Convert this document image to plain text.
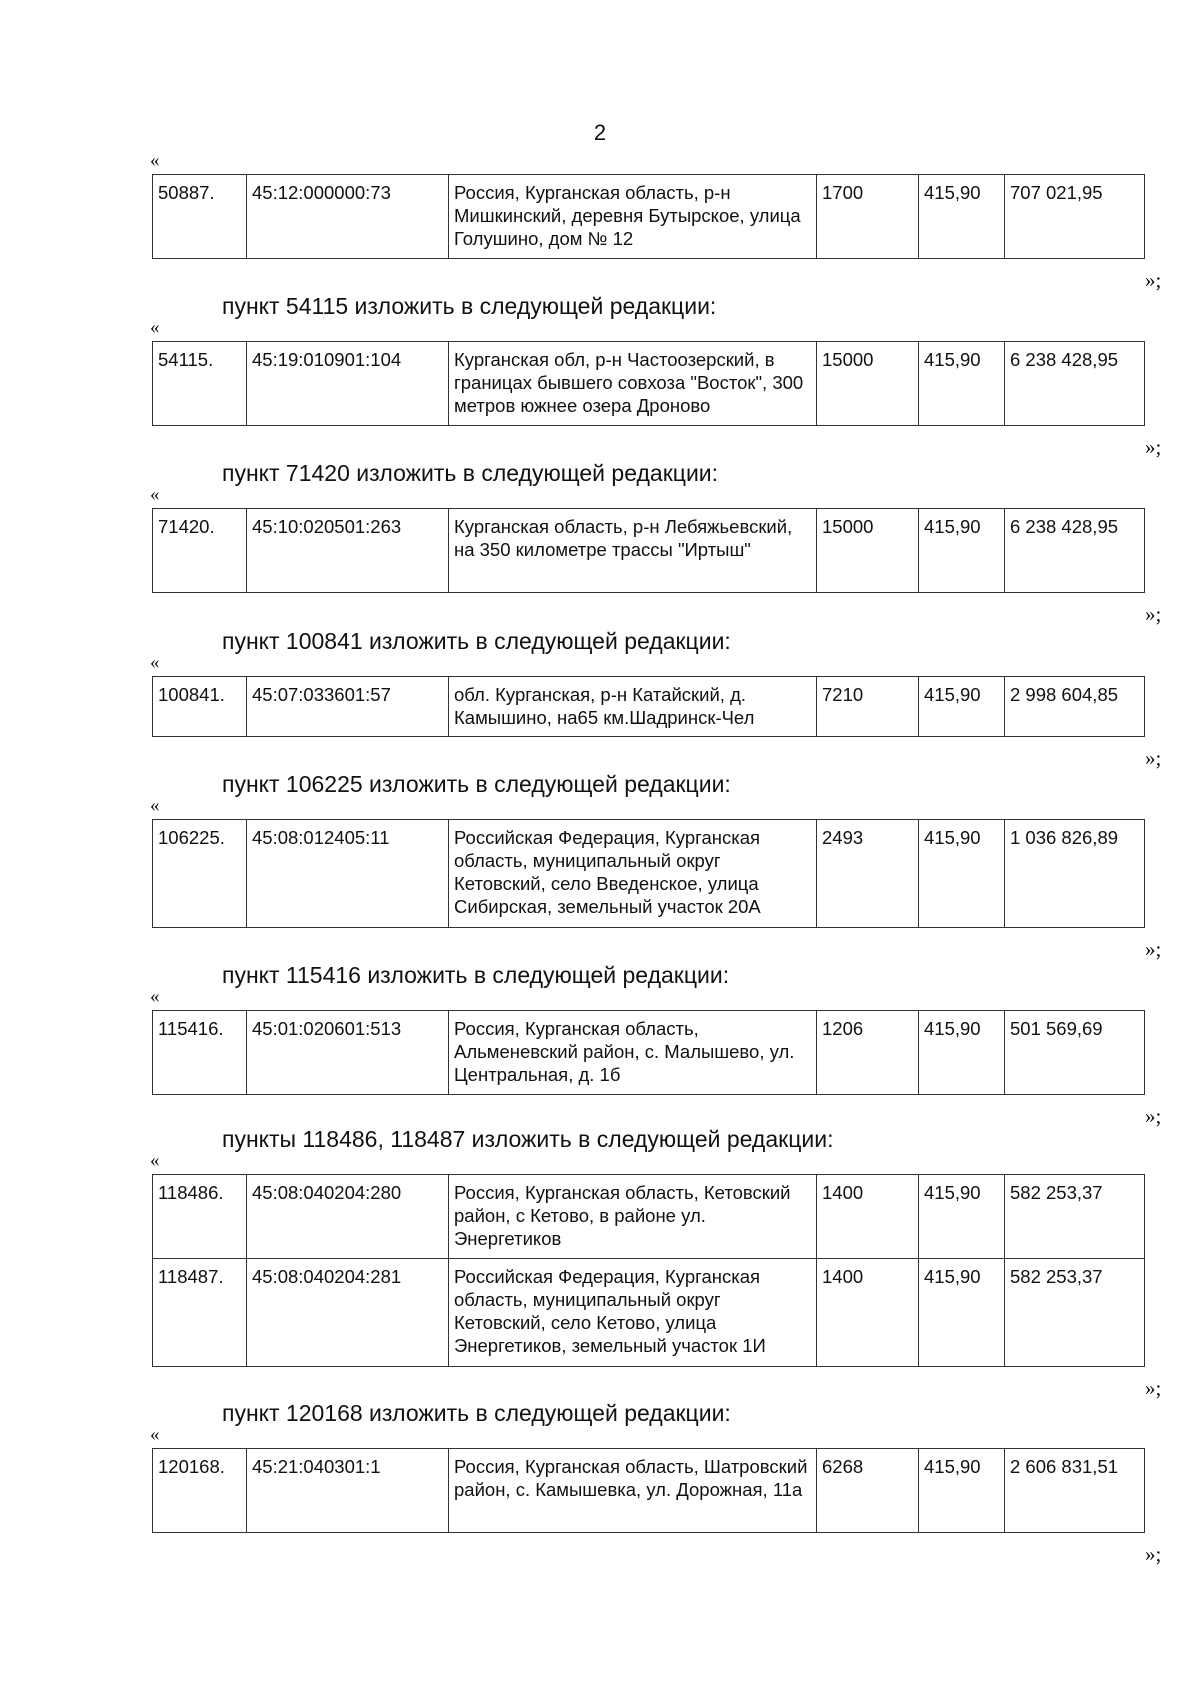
2
«
50887.	45:12:000000:73	Россия, Курганская область, р-н Мишкинский, деревня Бутырское, улица Голушино, дом № 12	1700	415,90	707 021,95
»;
пункт 54115 изложить в следующей редакции:
«
54115.	45:19:010901:104	Курганская обл, р-н Частоозерский, в границах бывшего совхоза "Восток", 300 метров южнее озера Дроново	15000	415,90	6 238 428,95
»;
пункт 71420 изложить в следующей редакции:
«
71420.	45:10:020501:263	Курганская область, р-н Лебяжьевский, на 350 километре трассы "Иртыш"	15000	415,90	6 238 428,95
»;
пункт 100841 изложить в следующей редакции:
«
100841.	45:07:033601:57	обл. Курганская, р-н Катайский, д. Камышино, на65 км.Шадринск-Чел	7210	415,90	2 998 604,85
»;
пункт 106225 изложить в следующей редакции:
«
106225.	45:08:012405:11	Российская Федерация, Курганская область, муниципальный округ Кетовский, село Введенское, улица Сибирская, земельный участок 20А	2493	415,90	1 036 826,89
»;
пункт 115416 изложить в следующей редакции:
«
115416.	45:01:020601:513	Россия, Курганская область, Альменевский район, с. Малышево, ул. Центральная, д. 1б	1206	415,90	501 569,69
»;
пункты 118486, 118487 изложить в следующей редакции:
«
118486.	45:08:040204:280	Россия, Курганская область, Кетовский район, с Кетово, в районе ул. Энергетиков	1400	415,90	582 253,37
118487.	45:08:040204:281	Российская Федерация, Курганская область, муниципальный округ Кетовский, село Кетово, улица Энергетиков, земельный участок 1И	1400	415,90	582 253,37
»;
пункт 120168 изложить в следующей редакции:
«
120168.	45:21:040301:1	Россия, Курганская область, Шатровский район, с. Камышевка, ул. Дорожная, 11а	6268	415,90	2 606 831,51
»;
